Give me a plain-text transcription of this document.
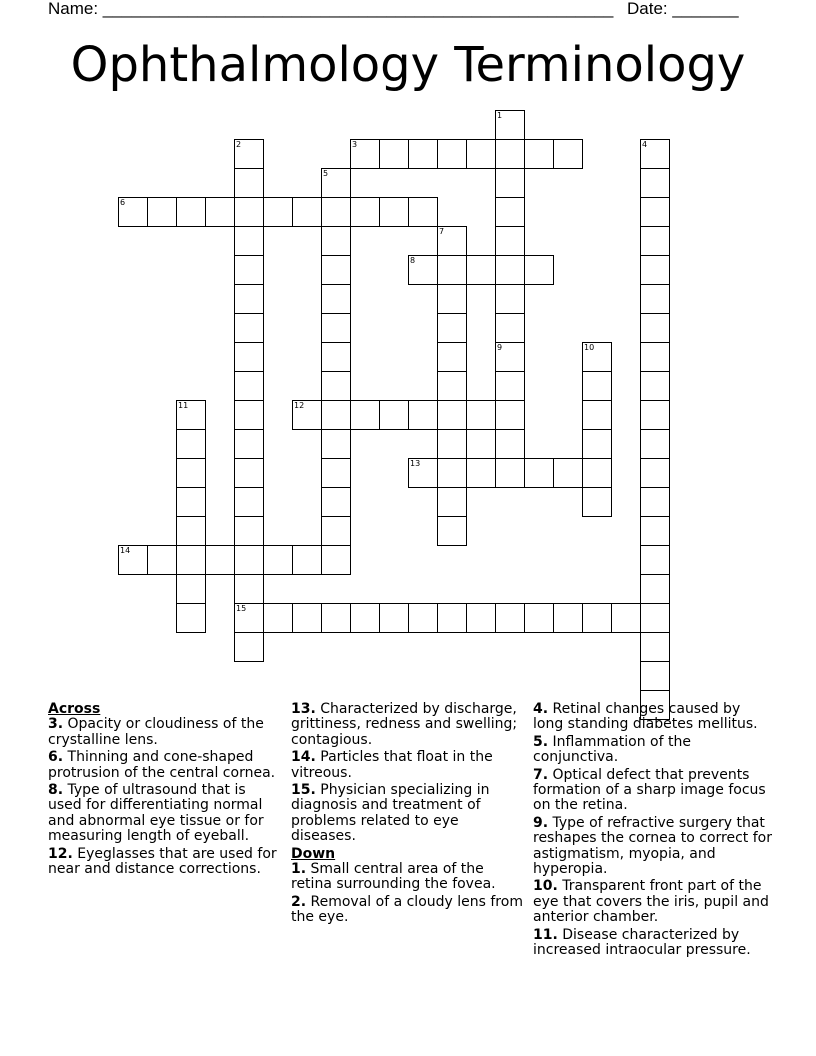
Name: ______________________________________________________ Date: _______
Ophthalmology Terminology
1
2	3	4
5
6
7
8
9	10
11	12
13
14
15
Across
3. Opacity or cloudiness of the crystalline lens.
6. Thinning and cone-shaped protrusion of the central cornea.
8. Type of ultrasound that is used for differentiating normal and abnormal eye tissue or for measuring length of eyeball.
12. Eyeglasses that are used for near and distance corrections.
13. Characterized by discharge, grittiness, redness and swelling; contagious.
14. Particles that float in the vitreous.
15. Physician specializing in diagnosis and treatment of problems related to eye diseases.
Down
1. Small central area of the retina surrounding the fovea.
2. Removal of a cloudy lens from the eye.
4. Retinal changes caused by long standing diabetes mellitus.
5. Inflammation of the conjunctiva.
7. Optical defect that prevents formation of a sharp image focus on the retina.
9. Type of refractive surgery that reshapes the cornea to correct for astigmatism, myopia, and hyperopia.
10. Transparent front part of the eye that covers the iris, pupil and anterior chamber.
11. Disease characterized by increased intraocular pressure.
